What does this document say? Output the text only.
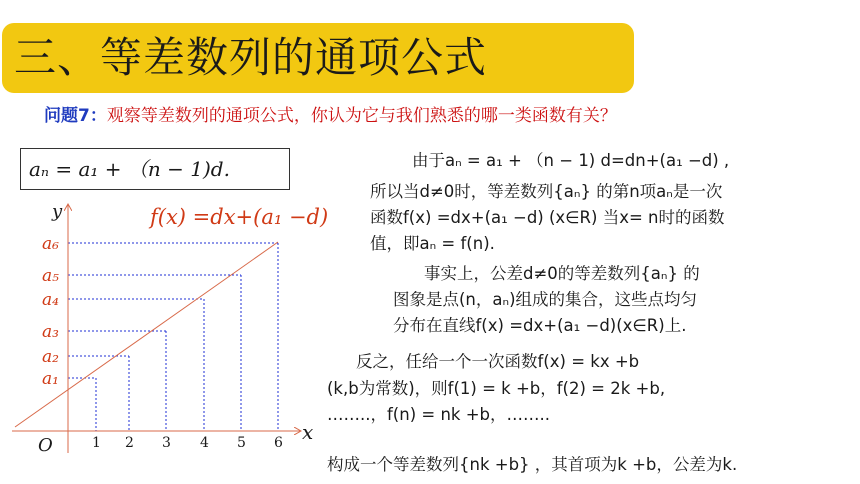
三、等差数列的通项公式
问题7：观察等差数列的通项公式，你认为它与我们熟悉的哪一类函数有关？
aₙ = a₁ + （n − 1)d.
1 2 3 4 5 6
a₁
a₂
a₃
a₄
a₅
a₆
y
x
O
f(x) =dx+(a₁ −d)
由于aₙ = a₁ + （n − 1) d=dn+(a₁ −d) ,
所以当d≠0时，等差数列{aₙ} 的第n项aₙ是一次
函数f(x) =dx+(a₁ −d) (x∈R) 当x= n时的函数
值，即aₙ = f(n).
事实上，公差d≠0的等差数列{aₙ} 的
图象是点(n，aₙ)组成的集合，这些点均匀
分布在直线f(x) =dx+(a₁ −d)(x∈R)上.
反之，任给一个一次函数f(x) = kx +b
(k,b为常数)，则f(1) = k +b，f(2) = 2k +b,
……..，f(n) = nk +b，……..
构成一个等差数列{nk +b} ，其首项为k +b，公差为k.
